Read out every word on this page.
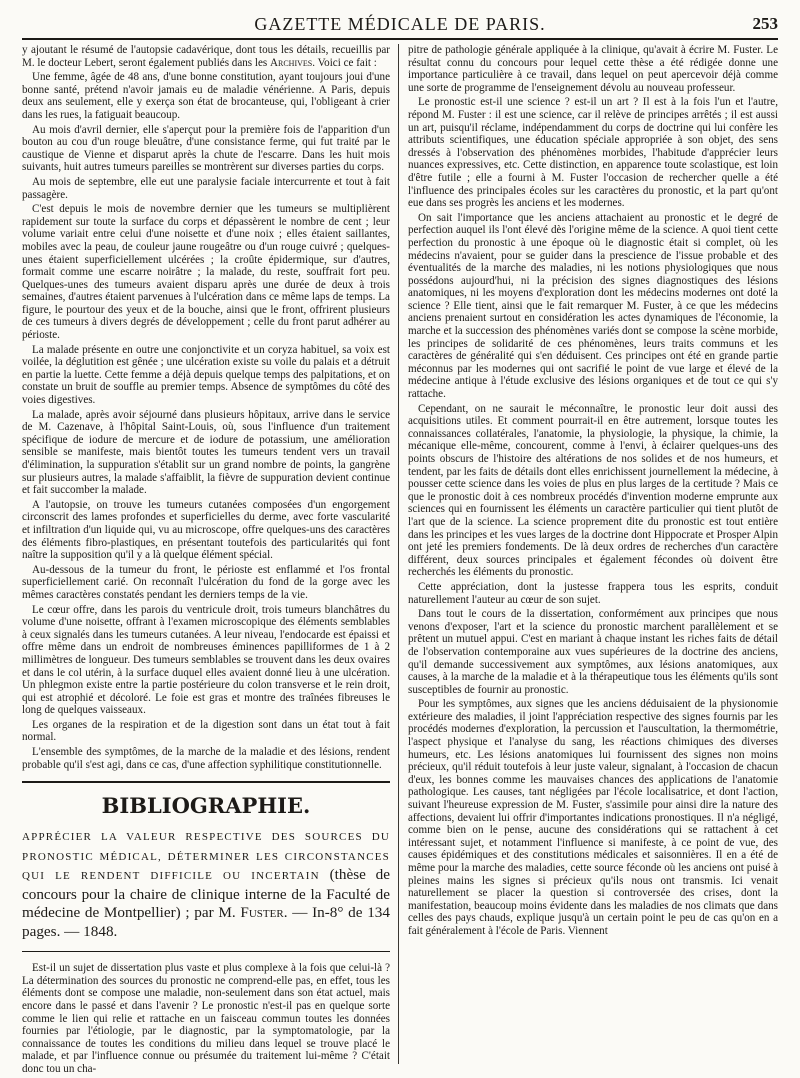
GAZETTE MÉDICALE DE PARIS.	253

y ajoutant le résumé de l'autopsie cadavérique, dont tous les détails, recueillis par M. le docteur Lebert, seront également publiés dans les Archives. Voici ce fait :

Une femme, âgée de 48 ans, d'une bonne constitution, ayant toujours joui d'une bonne santé, prétend n'avoir jamais eu de maladie vénérienne. A Paris, depuis deux ans seulement, elle y exerça son état de brocanteuse, qui, l'obligeant à crier dans les rues, la fatiguait beaucoup.

Au mois d'avril dernier, elle s'aperçut pour la première fois de l'apparition d'un bouton au cou d'un rouge bleuâtre, d'une consistance ferme, qui fut traité par le caustique de Vienne et disparut après la chute de l'escarre. Dans les huit mois suivants, huit autres tumeurs pareilles se montrèrent sur diverses parties du corps.

Au mois de septembre, elle eut une paralysie faciale intercurrente et tout à fait passagère.

C'est depuis le mois de novembre dernier que les tumeurs se multiplièrent rapidement sur toute la surface du corps et dépassèrent le nombre de cent ; leur volume variait entre celui d'une noisette et d'une noix ; elles étaient saillantes, mobiles avec la peau, de couleur jaune rougeâtre ou d'un rouge cuivré ; quelques-unes étaient superficiellement ulcérées ; la croûte épidermique, sur d'autres, formait comme une escarre noirâtre ; la malade, du reste, souffrait fort peu. Quelques-unes des tumeurs avaient disparu après une durée de deux à trois semaines, d'autres étaient parvenues à l'ulcération dans ce même laps de temps. La figure, le pourtour des yeux et de la bouche, ainsi que le front, offrirent plusieurs de ces tumeurs à divers degrés de développement ; celle du front parut adhérer au périoste.

La malade présente en outre une conjonctivite et un coryza habituel, sa voix est voilée, la déglutition est gênée ; une ulcération existe su voile du palais et a détruit en partie la luette. Cette femme a déjà depuis quelque temps des palpitations, et on constate un bruit de souffle au premier temps. Absence de symptômes du côté des voies digestives.

La malade, après avoir séjourné dans plusieurs hôpitaux, arrive dans le service de M. Cazenave, à l'hôpital Saint-Louis, où, sous l'influence d'un traitement spécifique de iodure de mercure et de iodure de potassium, une amélioration sensible se manifeste, mais bientôt toutes les tumeurs tendent vers un travail d'élimination, la suppuration s'établit sur un grand nombre de points, la gangrène sur plusieurs autres, la malade s'affaiblit, la fièvre de suppuration devient continue et fait succomber la malade.

A l'autopsie, on trouve les tumeurs cutanées composées d'un engorgement circonscrit des lames profondes et superficielles du derme, avec forte vascularité et infiltration d'un liquide qui, vu au microscope, offre quelques-uns des caractères des éléments fibro-plastiques, en présentant toutefois des particularités qui font naître la supposition qu'il y a là quelque élément spécial.

Au-dessous de la tumeur du front, le périoste est enflammé et l'os frontal superficiellement carié. On reconnaît l'ulcération du fond de la gorge avec les mêmes caractères constatés pendant les derniers temps de la vie.

Le cœur offre, dans les parois du ventricule droit, trois tumeurs blanchâtres du volume d'une noisette, offrant à l'examen microscopique des éléments semblables à ceux signalés dans les tumeurs cutanées. A leur niveau, l'endocarde est épaissi et offre même dans un endroit de nombreuses éminences papilliformes de 1 à 2 millimètres de longueur. Des tumeurs semblables se trouvent dans les deux ovaires et dans le col utérin, à la surface duquel elles avaient donné lieu à une ulcération. Un phlegmon existe entre la partie postérieure du colon transverse et le rein droit, qui est atrophié et décoloré. Le foie est gras et montre des traînées fibreuses le long de quelques vaisseaux.

Les organes de la respiration et de la digestion sont dans un état tout à fait normal.

L'ensemble des symptômes, de la marche de la maladie et des lésions, rendent probable qu'il s'est agi, dans ce cas, d'une affection syphilitique constitutionnelle.

BIBLIOGRAPHIE.

APPRÉCIER LA VALEUR RESPECTIVE DES SOURCES DU PRONOSTIC MÉDICAL, DÉTERMINER LES CIRCONSTANCES QUI LE RENDENT DIFFICILE OU INCERTAIN (thèse de concours pour la chaire de clinique interne de la Faculté de médecine de Montpellier) ; par M. Fuster. — In-8° de 134 pages. — 1848.

Est-il un sujet de dissertation plus vaste et plus complexe à la fois que celui-là ? La détermination des sources du pronostic ne comprend-elle pas, en effet, tous les éléments dont se compose une maladie, non-seulement dans son état actuel, mais encore dans le passé et dans l'avenir ? Le pronostic n'est-il pas en quelque sorte comme le lien qui relie et rattache en un faisceau commun toutes les données fournies par l'étiologie, par le diagnostic, par la symptomatologie, par la connaissance de toutes les conditions du milieu dans lequel se trouve placé le malade, et par l'influence connue ou présumée du traitement lui-même ? C'était donc tou un cha-

pitre de pathologie générale appliquée à la clinique, qu'avait à écrire M. Fuster. Le résultat connu du concours pour lequel cette thèse a été rédigée donne une importance particulière à ce travail, dans lequel on peut apercevoir déjà comme une sorte de programme de l'enseignement dévolu au nouveau professeur.

Le pronostic est-il une science ? est-il un art ? Il est à la fois l'un et l'autre, répond M. Fuster : il est une science, car il relève de principes arrêtés ; il est aussi un art, puisqu'il réclame, indépendamment du corps de doctrine qui lui confère les attributs scientifiques, une éducation spéciale appropriée à son objet, des sens dressés à l'observation des phénomènes morbides, l'habitude d'apprécier leurs nuances expressives, etc. Cette distinction, en apparence toute scolastique, est loin d'être futile ; elle a fourni à M. Fuster l'occasion de rechercher quelle a été l'influence des principales écoles sur les caractères du pronostic, et la part qu'ont eue dans ses progrès les anciens et les modernes.

On sait l'importance que les anciens attachaient au pronostic et le degré de perfection auquel ils l'ont élevé dès l'origine même de la science. A quoi tient cette perfection du pronostic à une époque où le diagnostic était si complet, où les médecins n'avaient, pour se guider dans la prescience de l'issue probable et des éventualités de la marche des maladies, ni les notions physiologiques que nous possédons aujourd'hui, ni la précision des signes diagnostiques des lésions anatomiques, ni les moyens d'exploration dont les médecins modernes ont doté la science ? Elle tient, ainsi que le fait remarquer M. Fuster, à ce que les médecins anciens prenaient surtout en considération les actes dynamiques de l'économie, la marche et la succession des phénomènes variés dont se compose la scène morbide, les principes de solidarité de ces phénomènes, leurs traits communs et les caractères de généralité qui s'en déduisent. Ces principes ont été en grande partie méconnus par les modernes qui ont sacrifié le point de vue large et élevé de la médecine antique à l'étude exclusive des lésions organiques et de tout ce qui s'y rattache.

Cependant, on ne saurait le méconnaître, le pronostic leur doit aussi des acquisitions utiles. Et comment pourrait-il en être autrement, lorsque toutes les connaissances collatérales, l'anatomie, la physiologie, la physique, la chimie, la mécanique elle-même, concourent, comme à l'envi, à éclairer quelques-uns des points obscurs de l'histoire des altérations de nos solides et de nos humeurs, et tendent, par les faits de détails dont elles enrichissent journellement la médecine, à pousser cette science dans les voies de plus en plus larges de la certitude ? Mais ce que le pronostic doit à ces nombreux procédés d'invention moderne emprunte aux sciences qui en fournissent les éléments un caractère particulier qui tient plutôt de l'art que de la science. La science proprement dite du pronostic est tout entière dans les principes et les vues larges de la doctrine dont Hippocrate et Prosper Alpin ont jeté les premiers fondements. De là deux ordres de recherches d'un caractère différent, deux sources principales et également fécondes où doivent être recherchés les éléments du pronostic.

Cette appréciation, dont la justesse frappera tous les esprits, conduit naturellement l'auteur au cœur de son sujet.

Dans tout le cours de la dissertation, conformément aux principes que nous venons d'exposer, l'art et la science du pronostic marchent parallèlement et se prêtent un mutuel appui. C'est en mariant à chaque instant les riches faits de détail de l'observation contemporaine aux vues supérieures de la doctrine des anciens, qu'il demande successivement aux symptômes, aux lésions anatomiques, aux causes, à la marche de la maladie et à la thérapeutique tous les éléments qu'ils sont susceptibles de fournir au pronostic.

Pour les symptômes, aux signes que les anciens déduisaient de la physionomie extérieure des maladies, il joint l'appréciation respective des signes fournis par les procédés modernes d'exploration, la percussion et l'auscultation, la thermométrie, l'aspect physique et l'analyse du sang, les réactions chimiques des diverses humeurs, etc. Les lésions anatomiques lui fournissent des signes non moins précieux, qu'il réduit toutefois à leur juste valeur, signalant, à l'occasion de chacun d'eux, les bonnes comme les mauvaises chances des applications de l'anatomie pathologique. Les causes, tant négligées par l'école localisatrice, et dont l'action, suivant l'heureuse expression de M. Fuster, s'assimile pour ainsi dire la nature des affections, devaient lui offrir d'importantes indications pronostiques. Il n'a négligé, comme bien on le pense, aucune des considérations qui se rattachent à cet intéressant sujet, et notamment l'influence si manifeste, à ce point de vue, des causes épidémiques et des constitutions médicales et saisonnières. Il en a été de même pour la marche des maladies, cette source féconde où les anciens ont puisé à pleines mains les signes si précieux qu'ils nous ont transmis. Ici venait naturellement se placer la question si controversée des crises, dont la manifestation, beaucoup moins évidente dans les maladies de nos climats que dans celles des pays chauds, explique jusqu'à un certain point le peu de cas qu'on en a fait généralement à l'école de Paris. Viennent
